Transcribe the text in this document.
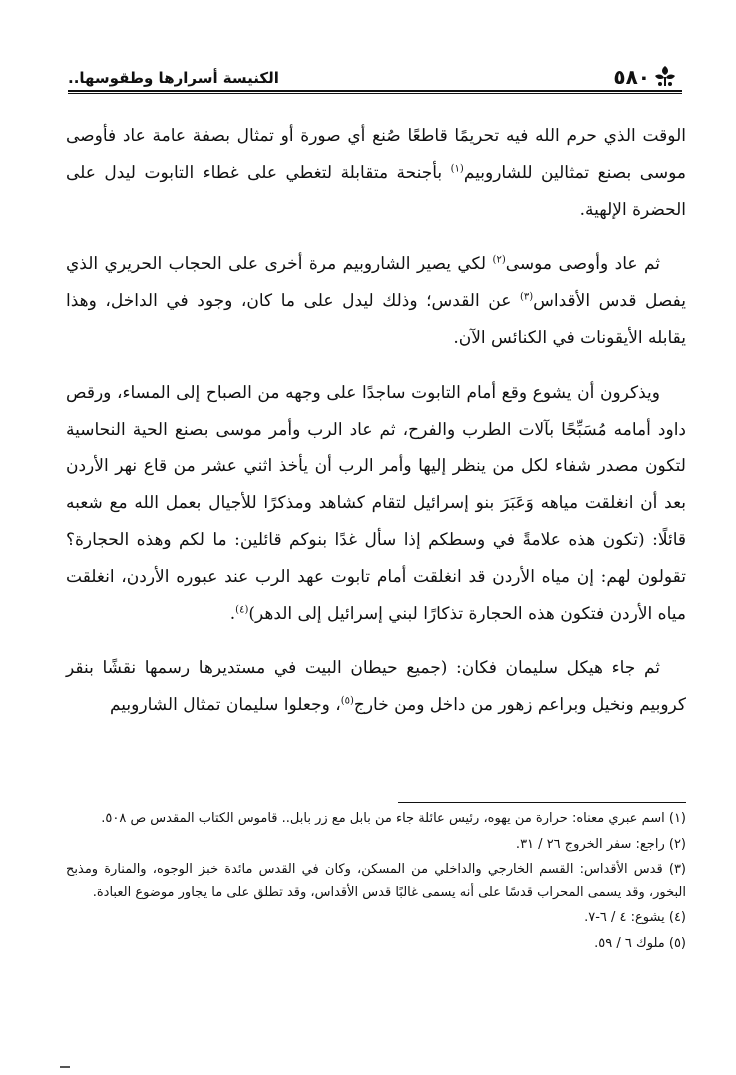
٥٨٠
الكنيسة أسرارها وطقوسها..

الوقت الذي حرم الله فيه تحريمًا قاطعًا صُنع أي صورة أو تمثال بصفة عامة عاد فأوصى موسى بصنع تمثالين للشاروبيم$^{(١)}$ بأجنحة متقابلة لتغطي على غطاء التابوت ليدل على الحضرة الإلهية.

ثم عاد وأوصى موسى$^{(٢)}$ لكي يصير الشاروبيم مرة أخرى على الحجاب الحريري الذي يفصل قدس الأقداس$^{(٣)}$ عن القدس؛ وذلك ليدل على ما كان، وجود في الداخل، وهذا يقابله الأيقونات في الكنائس الآن.

ويذكرون أن يشوع وقع أمام التابوت ساجدًا على وجهه من الصباح إلى المساء، ورقص داود أمامه مُسَبِّحًا بآلات الطرب والفرح، ثم عاد الرب وأمر موسى بصنع الحية النحاسية لتكون مصدر شفاء لكل من ينظر إليها وأمر الرب أن يأخذ اثني عشر من قاع نهر الأردن بعد أن انغلقت مياهه وَعَبَرَ بنو إسرائيل لتقام كشاهد ومذكرًا للأجيال بعمل الله مع شعبه قائلًا: (تكون هذه علامةً في وسطكم إذا سأل غدًا بنوكم قائلين: ما لكم وهذه الحجارة؟ تقولون لهم: إن مياه الأردن قد انغلقت أمام تابوت عهد الرب عند عبوره الأردن، انغلقت مياه الأردن فتكون هذه الحجارة تذكارًا لبني إسرائيل إلى الدهر)$^{(٤)}$.

ثم جاء هيكل سليمان فكان: (جميع حيطان البيت في مستديرها رسمها نقشًا بنقر كروبيم ونخيل وبراعم زهور من داخل ومن خارج$^{(٥)}$، وجعلوا سليمان تمثال الشاروبيم

(١) اسم عبري معناه: حرارة من يهوه، رئيس عائلة جاء من بابل مع زر بابل.. قاموس الكتاب المقدس ص ٥٠٨.

(٢) راجع: سفر الخروج ٢٦ / ٣١.

(٣) قدس الأقداس: القسم الخارجي والداخلي من المسكن، وكان في القدس مائدة خبز الوجوه، والمنارة ومذبح البخور، وقد يسمى المحراب قدسًا على أنه يسمى غالبًا قدس الأقداس، وقد تطلق على ما يجاور موضوع العبادة.

(٤) يشوع: ٤ / ٦-٧.

(٥) ملوك ٦ / ٥٩.
